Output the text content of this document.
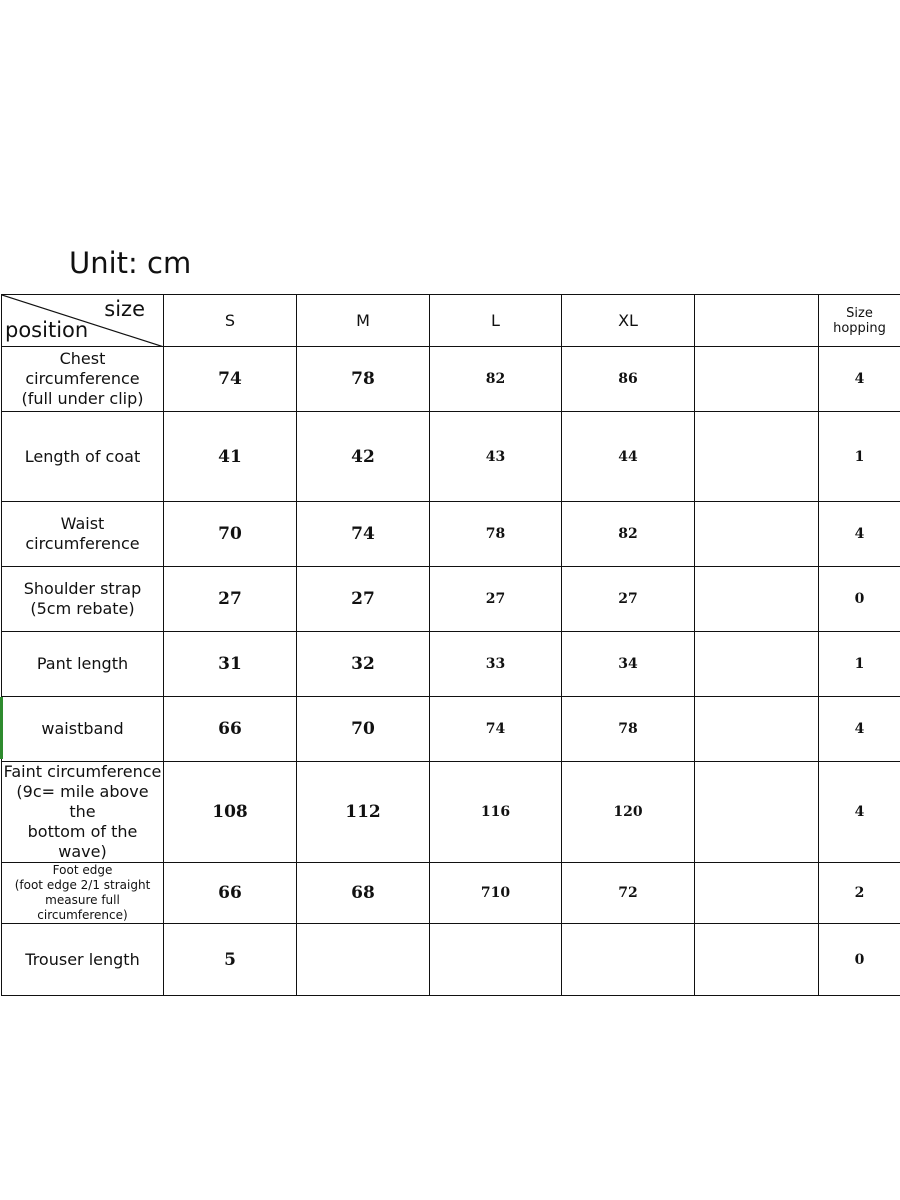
Unit: cm
size
position	S	M	L	XL		Size hopping
Chest circumference
(full under clip)	74	78	82	86		4
Length of coat	41	42	43	44		1
Waist circumference	70	74	78	82		4
Shoulder strap
(5cm rebate)	27	27	27	27		0
Pant length	31	32	33	34		1
waistband	66	70	74	78		4
Faint circumference
(9c= mile above the
bottom of the wave)	108	112	116	120		4
Foot edge
(foot edge 2/1 straight
measure full circumference)	66	68	710	72		2
Trouser length	5					0
